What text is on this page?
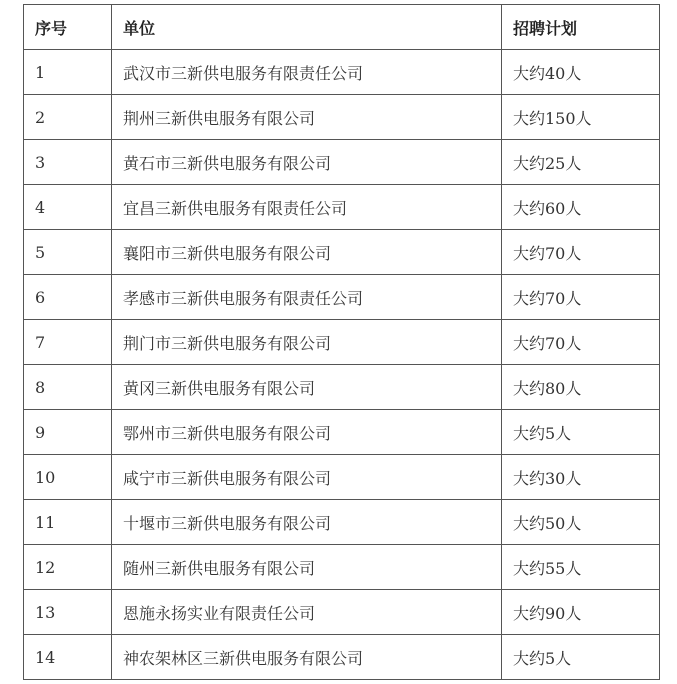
序号	单位	招聘计划
1	武汉市三新供电服务有限责任公司	大约40人
2	荆州三新供电服务有限公司	大约150人
3	黄石市三新供电服务有限公司	大约25人
4	宜昌三新供电服务有限责任公司	大约60人
5	襄阳市三新供电服务有限公司	大约70人
6	孝感市三新供电服务有限责任公司	大约70人
7	荆门市三新供电服务有限公司	大约70人
8	黄冈三新供电服务有限公司	大约80人
9	鄂州市三新供电服务有限公司	大约5人
10	咸宁市三新供电服务有限公司	大约30人
11	十堰市三新供电服务有限公司	大约50人
12	随州三新供电服务有限公司	大约55人
13	恩施永扬实业有限责任公司	大约90人
14	神农架林区三新供电服务有限公司	大约5人
